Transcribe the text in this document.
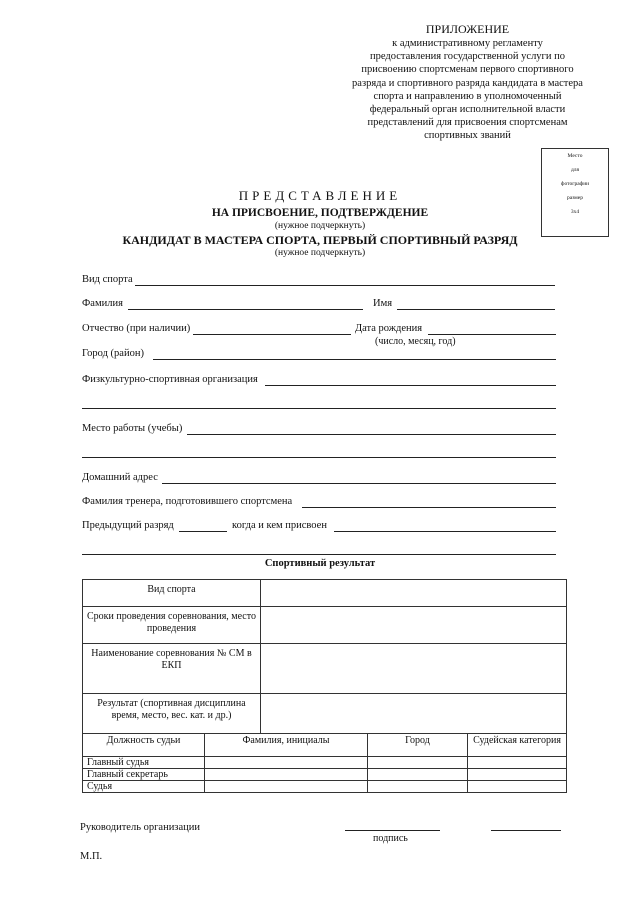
ПРИЛОЖЕНИЕ
к административному регламенту
предоставления государственной услуги по
присвоению спортсменам первого спортивного
разряда и спортивного разряда кандидата в мастера
спорта и направлению в уполномоченный
федеральный орган исполнительной власти
представлений для присвоения спортсменам
спортивных званий
Место
для
фотографии
размер
3х4
ПРЕДСТАВЛЕНИЕ
НА ПРИСВОЕНИЕ, ПОДТВЕРЖДЕНИЕ
(нужное подчеркнуть)
КАНДИДАТ В МАСТЕРА СПОРТА, ПЕРВЫЙ СПОРТИВНЫЙ РАЗРЯД
(нужное подчеркнуть)
Вид спорта
Фамилия	Имя
Отчество (при наличии)	Дата рождения
(число, месяц, год)
Город (район)
Физкультурно-спортивная организация
Место работы (учебы)
Домашний адрес
Фамилия тренера, подготовившего спортсмена
Предыдущий разряд	когда и кем присвоен
Спортивный результат
Вид спорта	
Сроки проведения соревнования, место проведения	
Наименование соревнования № СМ в ЕКП	
Результат (спортивная дисциплина время, место, вес. кат. и др.)	
Должность судьи	Фамилия, инициалы	Город	Судейская категория
Главный судья			
Главный секретарь			
Судья			
Руководитель организации
подпись
М.П.
